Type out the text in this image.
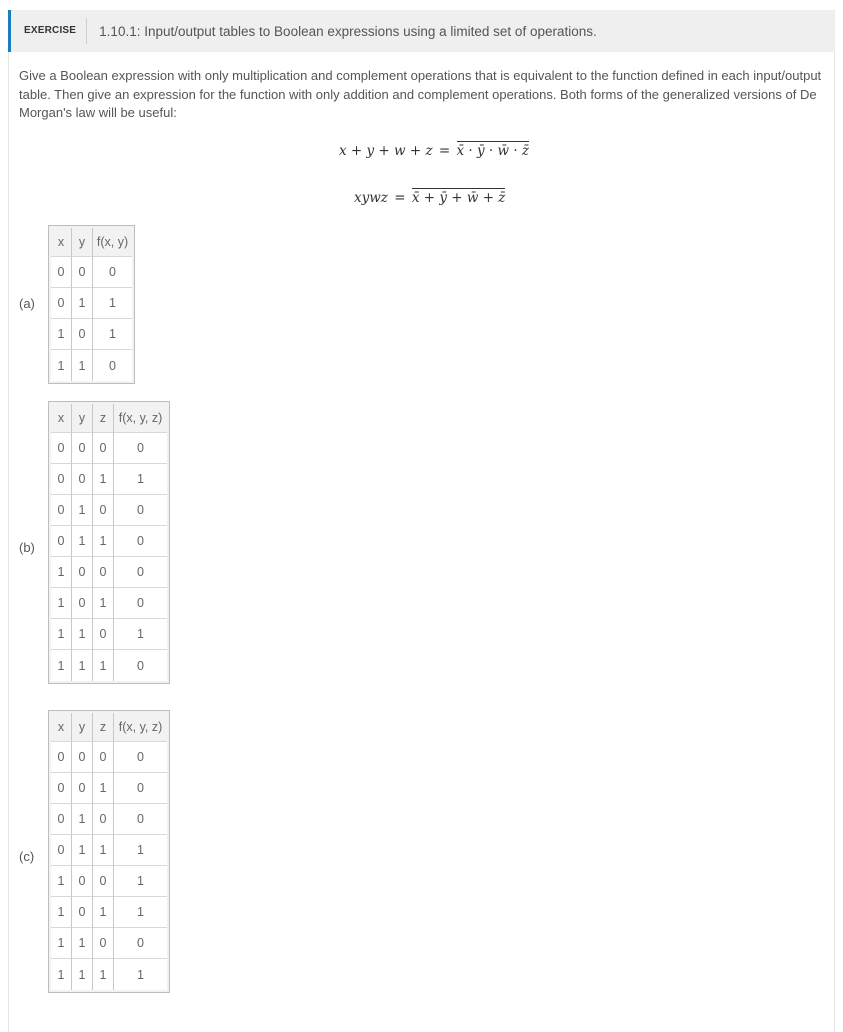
EXERCISE	1.10.1: Input/output tables to Boolean expressions using a limited set of operations.

Give a Boolean expression with only multiplication and complement operations that is equivalent to the function defined in each input/output table. Then give an expression for the function with only addition and complement operations. Both forms of the generalized versions of De Morgan's law will be useful:

x + y + w + z = x̄ · ȳ · w̄ · z̄
xywz = x̄ + ȳ + w̄ + z̄
(a)
x	y	f(x, y)
0	0	0
0	1	1
1	0	1
1	1	0
(b)
x	y	z	f(x, y, z)
0	0	0	0
0	0	1	1
0	1	0	0
0	1	1	0
1	0	0	0
1	0	1	0
1	1	0	1
1	1	1	0
(c)
x	y	z	f(x, y, z)
0	0	0	0
0	0	1	0
0	1	0	0
0	1	1	1
1	0	0	1
1	0	1	1
1	1	0	0
1	1	1	1
